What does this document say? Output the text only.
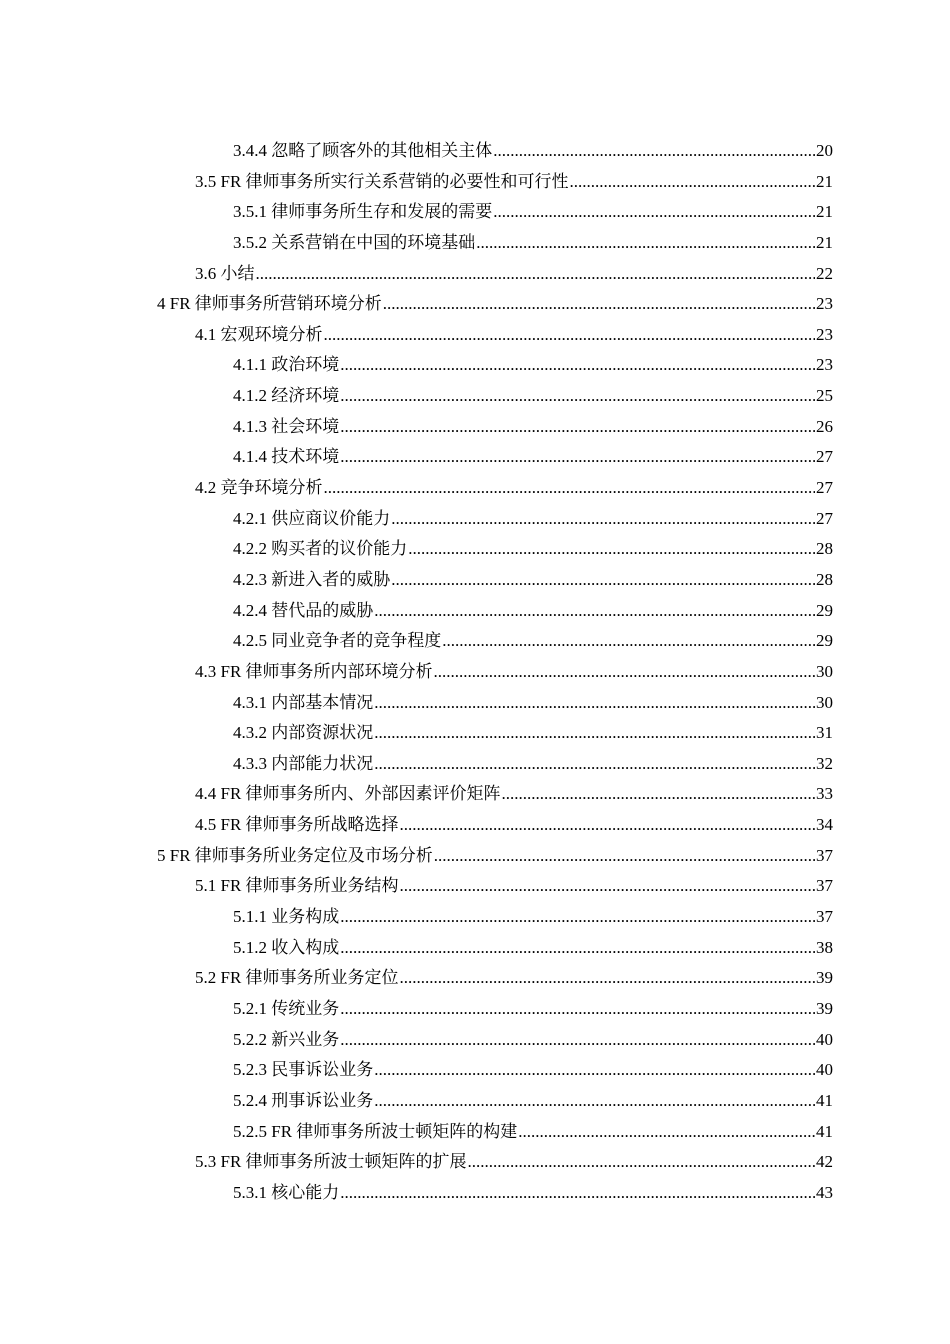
3.4.4 忽略了顾客外的其他相关主体 .....	20
3.5 FR 律师事务所实行关系营销的必要性和可行性 .....	21
3.5.1 律师事务所生存和发展的需要 .....	21
3.5.2 关系营销在中国的环境基础 .....	21
3.6 小结 .....	22
4 FR 律师事务所营销环境分析 .....	23
4.1 宏观环境分析 .....	23
4.1.1 政治环境 .....	23
4.1.2 经济环境 .....	25
4.1.3 社会环境 .....	26
4.1.4 技术环境 .....	27
4.2 竞争环境分析 .....	27
4.2.1 供应商议价能力 .....	27
4.2.2 购买者的议价能力 .....	28
4.2.3 新进入者的威胁 .....	28
4.2.4 替代品的威胁 .....	29
4.2.5 同业竞争者的竞争程度 .....	29
4.3 FR 律师事务所内部环境分析 .....	30
4.3.1 内部基本情况 .....	30
4.3.2 内部资源状况 .....	31
4.3.3 内部能力状况 .....	32
4.4 FR 律师事务所内、外部因素评价矩阵 .....	33
4.5 FR 律师事务所战略选择 .....	34
5 FR 律师事务所业务定位及市场分析 .....	37
5.1 FR 律师事务所业务结构 .....	37
5.1.1 业务构成 .....	37
5.1.2 收入构成 .....	38
5.2 FR 律师事务所业务定位 .....	39
5.2.1 传统业务 .....	39
5.2.2 新兴业务 .....	40
5.2.3 民事诉讼业务 .....	40
5.2.4 刑事诉讼业务 .....	41
5.2.5 FR 律师事务所波士顿矩阵的构建 .....	41
5.3 FR 律师事务所波士顿矩阵的扩展 .....	42
5.3.1 核心能力 .....	43
